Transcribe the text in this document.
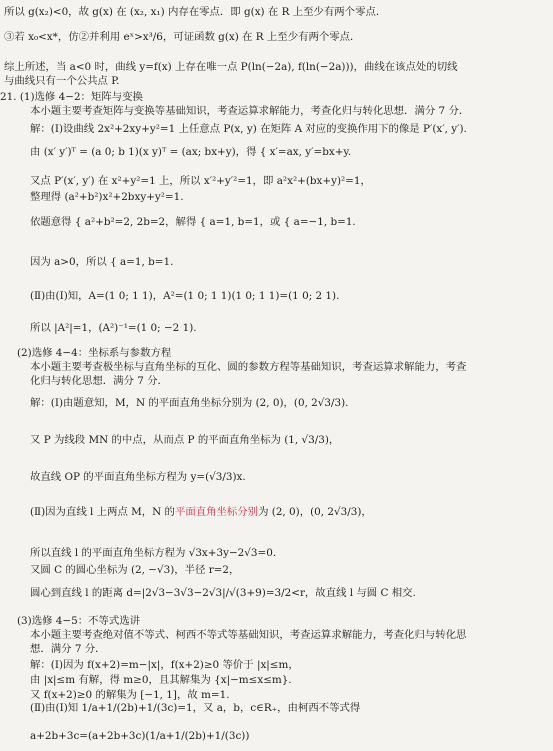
所以 g(x₂)<0，故 g(x) 在 (x₂, x₁) 内存在零点．即 g(x) 在 R 上至少有两个零点．
③若 x₀<x*，仿②并利用 eˣ>x³/6，可证函数 g(x) 在 R 上至少有两个零点．
综上所述，当 a<0 时，曲线 y=f(x) 上存在唯一点 P(ln(−2a), f(ln(−2a)))，曲线在该点处的切线
与曲线只有一个公共点 P.
21. (1)选修 4−2：矩阵与变换
本小题主要考查矩阵与变换等基础知识，考查运算求解能力，考查化归与转化思想．满分 7 分．
解：(Ⅰ)设曲线 2x²+2xy+y²=1 上任意点 P(x, y) 在矩阵 A 对应的变换作用下的像是 P′(x′, y′).
由 (x′ y′)ᵀ = (a 0; b 1)(x y)ᵀ = (ax; bx+y)，得 { x′=ax, y′=bx+y.
又点 P′(x′, y′) 在 x²+y²=1 上，所以 x′²+y′²=1，即 a²x²+(bx+y)²=1，
整理得 (a²+b²)x²+2bxy+y²=1.
依题意得 { a²+b²=2, 2b=2，解得 { a=1, b=1，或 { a=−1, b=1.
因为 a>0，所以 { a=1, b=1.
(Ⅱ)由(Ⅰ)知，A=(1 0; 1 1)，A²=(1 0; 1 1)(1 0; 1 1)=(1 0; 2 1).
所以 |A²|=1，(A²)⁻¹=(1 0; −2 1).
(2)选修 4−4：坐标系与参数方程
本小题主要考查极坐标与直角坐标的互化、圆的参数方程等基础知识，考查运算求解能力，考查
化归与转化思想．满分 7 分．
解：(Ⅰ)由题意知，M，N 的平面直角坐标分别为 (2, 0)，(0, 2√3/3).
又 P 为线段 MN 的中点，从而点 P 的平面直角坐标为 (1, √3/3)，
故直线 OP 的平面直角坐标方程为 y=(√3/3)x.
(Ⅱ)因为直线 l 上两点 M，N 的平面直角坐标分别为 (2, 0)，(0, 2√3/3)，
所以直线 l 的平面直角坐标方程为 √3x+3y−2√3=0.
又圆 C 的圆心坐标为 (2, −√3)，半径 r=2，
圆心到直线 l 的距离 d=|2√3−3√3−2√3|/√(3+9)=3/2<r，故直线 l 与圆 C 相交.
(3)选修 4−5：不等式选讲
本小题主要考查绝对值不等式、柯西不等式等基础知识，考查运算求解能力，考查化归与转化思
想．满分 7 分．
解：(Ⅰ)因为 f(x+2)=m−|x|，f(x+2)≥0 等价于 |x|≤m，
由 |x|≤m 有解，得 m≥0，且其解集为 {x|−m≤x≤m}.
又 f(x+2)≥0 的解集为 [−1, 1]，故 m=1.
(Ⅱ)由(Ⅰ)知 1/a+1/(2b)+1/(3c)=1，又 a，b，c∈R₊，由柯西不等式得
a+2b+3c=(a+2b+3c)(1/a+1/(2b)+1/(3c))
